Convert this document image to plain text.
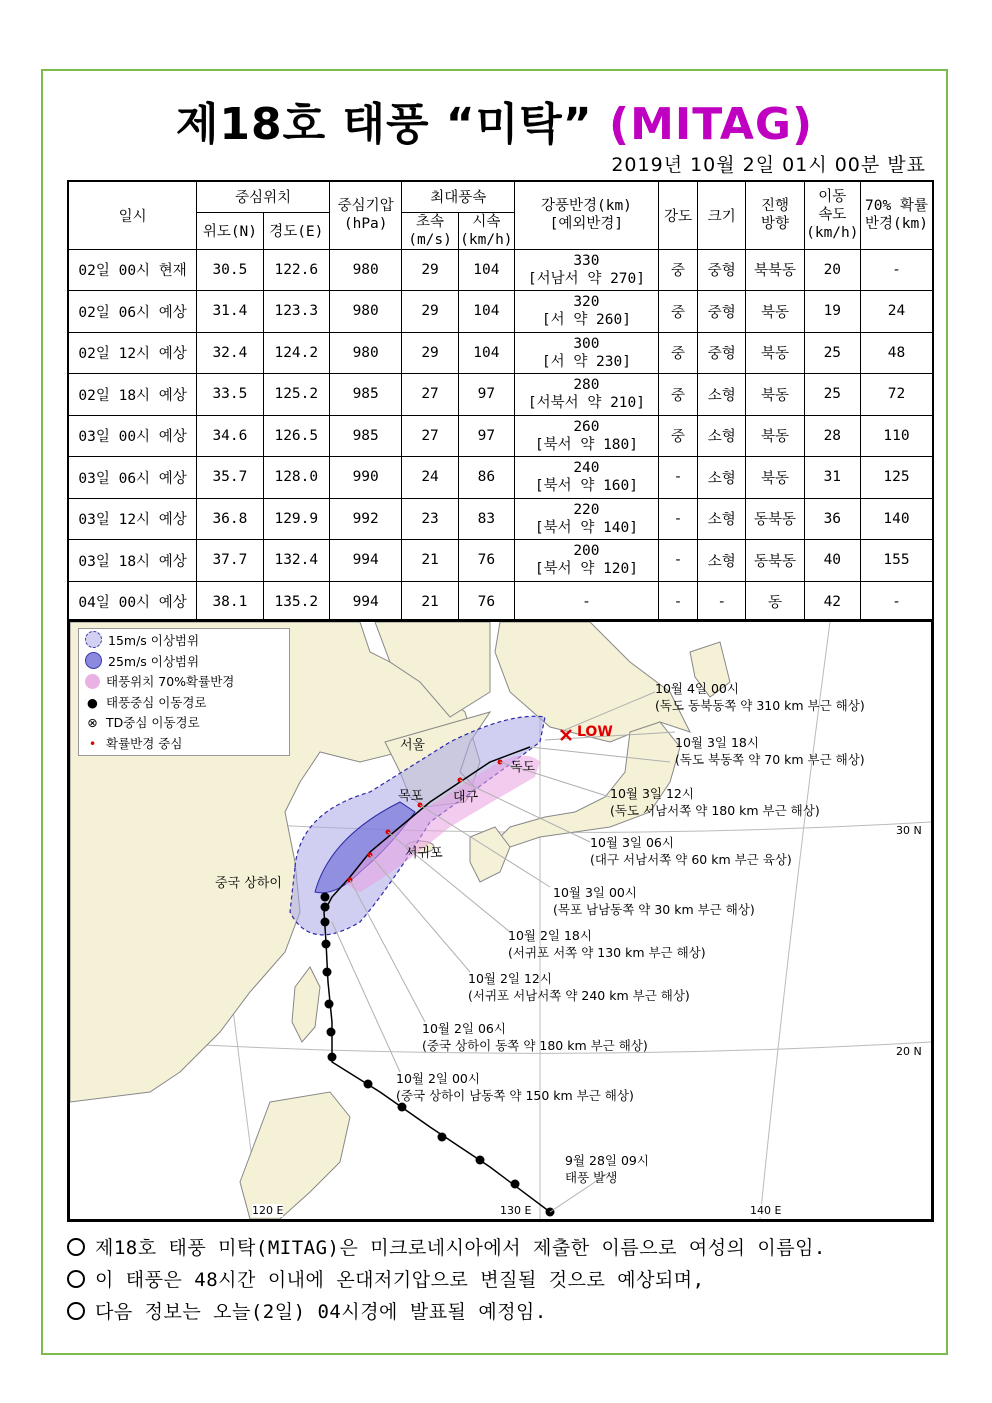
제18호 태풍 “미탁” (MITAG)
2019년 10월 2일 01시 00분 발표
일시	중심위치		중심기압
(hPa)	최대풍속		강풍반경(km)
[예외반경]	강도	크기	진행
방향	이동
속도
(km/h)	70% 확률
반경(km)
	위도(N)	경도(E)		초속
(m/s)	시속
(km/h)						
02일 00시 현재	30.5	122.6	980	29	104	330
[서남서 약 270]	중	중형	북북동	20	-
02일 06시 예상	31.4	123.3	980	29	104	320
[서 약 260]	중	중형	북동	19	24
02일 12시 예상	32.4	124.2	980	29	104	300
[서 약 230]	중	중형	북동	25	48
02일 18시 예상	33.5	125.2	985	27	97	280
[서북서 약 210]	중	소형	북동	25	72
03일 00시 예상	34.6	126.5	985	27	97	260
[북서 약 180]	중	소형	북동	28	110
03일 06시 예상	35.7	128.0	990	24	86	240
[북서 약 160]	-	소형	북동	31	125
03일 12시 예상	36.8	129.9	992	23	83	220
[북서 약 140]	-	소형	동북동	36	140
03일 18시 예상	37.7	132.4	994	21	76	200
[북서 약 120]	-	소형	동북동	40	155
04일 00시 예상	38.1	135.2	994	21	76	-	-	-	동	42	-
15m/s 이상범위
25m/s 이상범위
태풍위치 70%확률반경
● 태풍중심 이동경로
⊗ TD중심 이동경로
• 확률반경 중심	서울
목포 대구
독도
서귀포
중국 상하이
LOW
120 E	130 E	140 E
30 N
20 N
10월 4일 00시
(독도 동북동쪽 약 310 km 부근 해상)
10월 3일 18시
(독도 북동쪽 약 70 km 부근 해상)
10월 3일 12시
(독도 서남서쪽 약 180 km 부근 해상)
10월 3일 06시
(대구 서남서쪽 약 60 km 부근 육상)
10월 3일 00시
(목포 남남동쪽 약 30 km 부근 해상)
10월 2일 18시
(서귀포 서쪽 약 130 km 부근 해상)
10월 2일 12시
(서귀포 서남서쪽 약 240 km 부근 해상)
10월 2일 06시
(중국 상하이 동쪽 약 180 km 부근 해상)
10월 2일 00시
(중국 상하이 남동쪽 약 150 km 부근 해상)
9월 28일 09시
태풍 발생
제18호 태풍 미탁(MITAG)은 미크로네시아에서 제출한 이름으로 여성의 이름임.
이 태풍은 48시간 이내에 온대저기압으로 변질될 것으로 예상되며,
다음 정보는 오늘(2일) 04시경에 발표될 예정임.
